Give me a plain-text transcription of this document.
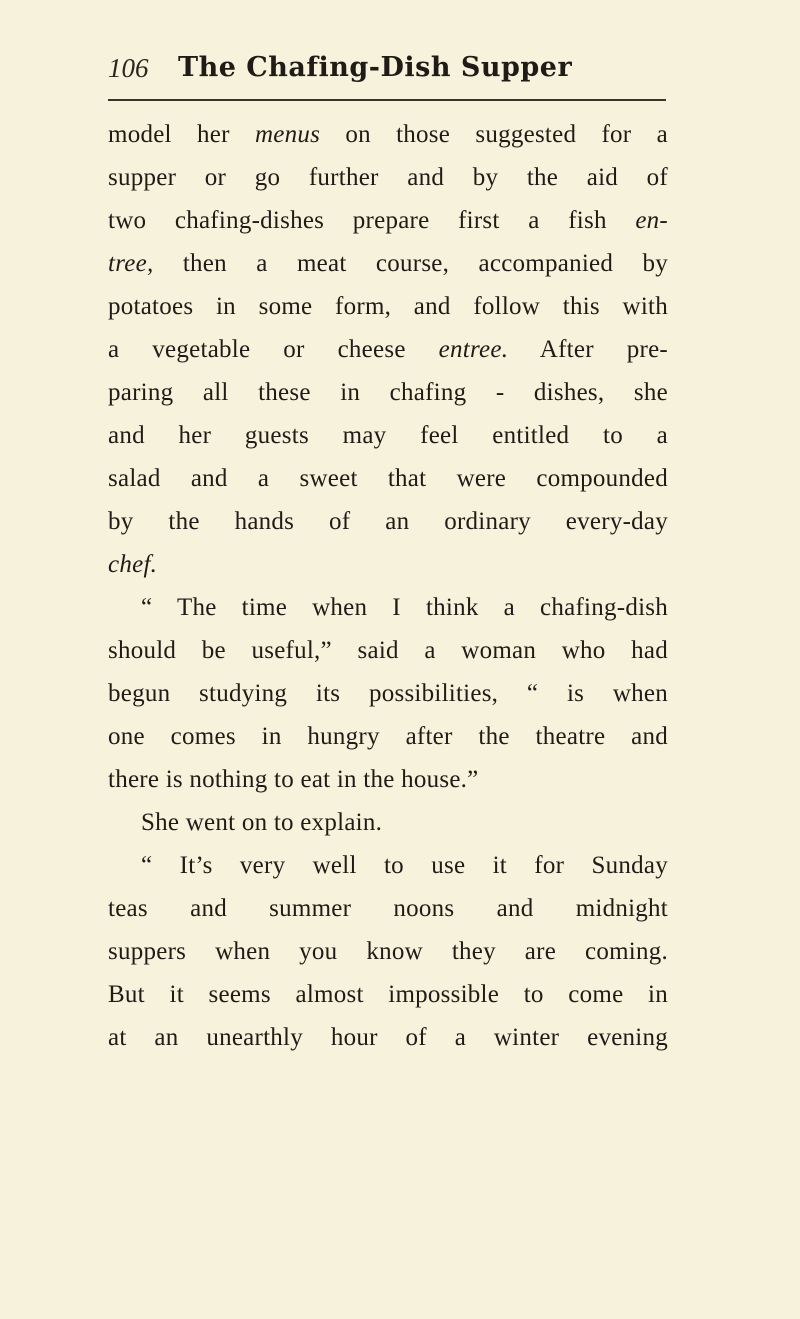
106 The Chafing-Dish Supper
model her menus on those suggested for a
supper or go further and by the aid of
two chafing-dishes prepare first a fish en-
tree, then a meat course, accompanied by
potatoes in some form, and follow this with
a vegetable or cheese entree. After pre-
paring all these in chafing - dishes, she
and her guests may feel entitled to a
salad and a sweet that were compounded
by the hands of an ordinary every-day
chef.
“ The time when I think a chafing-dish
should be useful,” said a woman who had
begun studying its possibilities, “ is when
one comes in hungry after the theatre and
there is nothing to eat in the house.”
She went on to explain.
“ It’s very well to use it for Sunday
teas and summer noons and midnight
suppers when you know they are coming.
But it seems almost impossible to come in
at an unearthly hour of a winter evening
